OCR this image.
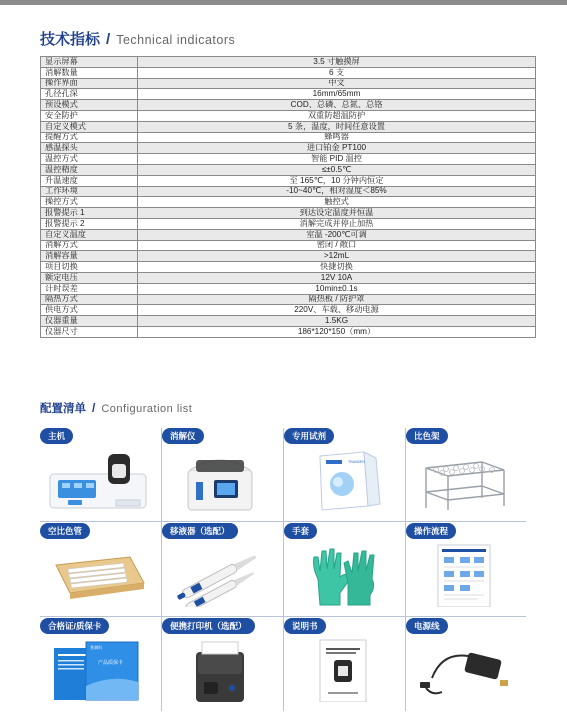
技术指标 / Technical indicators
显示屏幕	3.5 寸触摸屏
消解数量	6 支
操作界面	中文
孔径孔深	16mm/65mm
预设模式	COD、总磷、总氮、总铬
安全防护	双重防超温防护
自定义模式	5 条，温度，时间任意设置
提醒方式	蜂鸣器
感温探头	进口铂金 PT100
温控方式	智能 PID 温控
温控精度	≤±0.5℃
升温速度	至 165℃，10 分钟内恒定
工作环境	-10~40℃，相对湿度＜85%
操控方式	触控式
报警提示 1	到达设定温度并恒温
报警提示 2	消解完成并停止加热
自定义温度	室温 -200℃可调
消解方式	密闭 / 敞口
消解容量	>12mL
项目切换	快捷切换
额定电压	12V 10A
计时误差	10min±0.1s
隔热方式	隔热板 / 防护罩
供电方式	220V、车载、移动电源
仪器重量	1.5KG
仪器尺寸	186*120*150（mm）
配置清单 / Configuration list
主机	消解仪	专用试剂
TRANSER
比色架
空比色管	移液器（选配）	手套	操作流程
合格证/质保卡
普测科
产品质保卡
便携打印机（选配）	说明书	电源线
